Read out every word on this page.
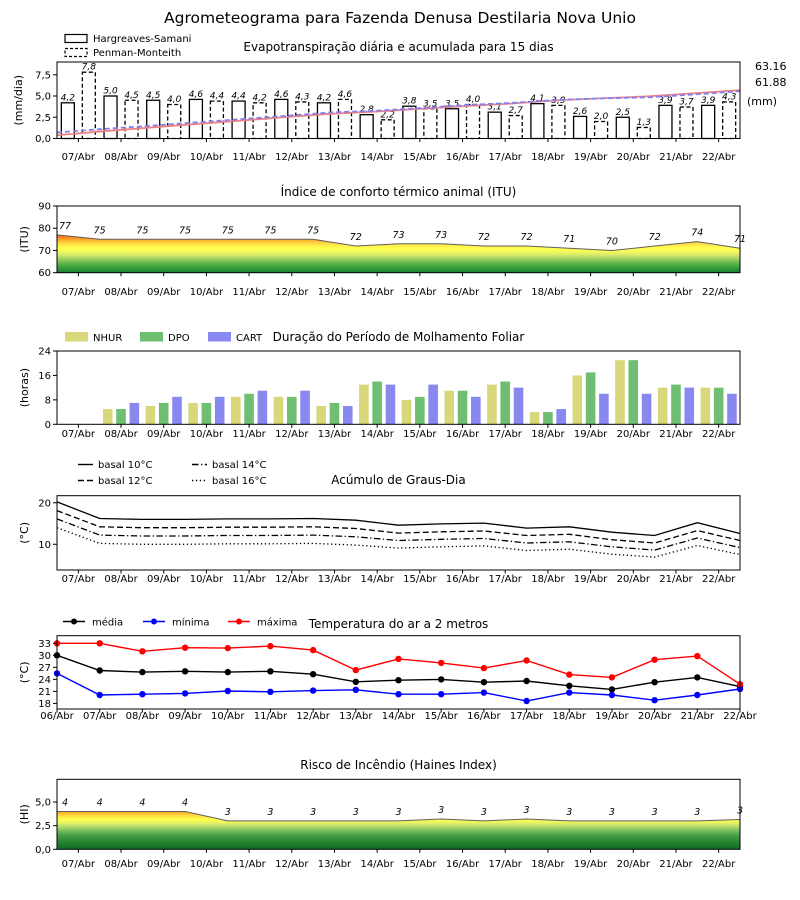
Agrometeograma para Fazenda Denusa Destilaria Nova Unio
Hargreaves-Samani
Penman-Monteith
4,2
5,0	4,5	4,6	4,4	4,6	4,2
2,8
3,8	3,5	3,1
4,1
2,6	2,5
3,9	3,9
7,8
4,5	4,0	4,4	4,2	4,3	4,6
2,2
3,5	4,0
2,7
3,9
2,0
1,3
3,7
4,3
63.16
61.88
(mm)
0,0
2,5
5,0
7,5
07/Abr 08/Abr 09/Abr 10/Abr 11/Abr 12/Abr 13/Abr 14/Abr 15/Abr 16/Abr 17/Abr 18/Abr 19/Abr 20/Abr 21/Abr 22/Abr
(mm/dia)
Evapotranspiração diária e acumulada para 15 dias
77 75	75	75	75	75	75
72	73	73	72	72	71	70	72	74
71
60
70
80
90
07/Abr 08/Abr 09/Abr 10/Abr 11/Abr 12/Abr 13/Abr 14/Abr 15/Abr 16/Abr 17/Abr 18/Abr 19/Abr 20/Abr 21/Abr 22/Abr
(ITU)
Índice de conforto térmico animal (ITU)
NHUR	DPO	CART
0
8
16
24
07/Abr 08/Abr 09/Abr 10/Abr 11/Abr 12/Abr 13/Abr 14/Abr 15/Abr 16/Abr 17/Abr 18/Abr 19/Abr 20/Abr 21/Abr 22/Abr
(horas)
Duração do Período de Molhamento Foliar
basal 10°C
basal 12°C
basal 14°C
basal 16°C
10
20
07/Abr 08/Abr 09/Abr 10/Abr 11/Abr 12/Abr 13/Abr 14/Abr 15/Abr 16/Abr 17/Abr 18/Abr 19/Abr 20/Abr 21/Abr 22/Abr
(°C)
Acúmulo de Graus-Dia
média	mínima	máxima
18
21
24
27
30
33
06/Abr 07/Abr 08/Abr 09/Abr 10/Abr 11/Abr 12/Abr 13/Abr 14/Abr 15/Abr 16/Abr 17/Abr 18/Abr 19/Abr 20/Abr 21/Abr 22/Abr
(°C)
Temperatura do ar a 2 metros
4	4	4	4
3	3	3	3	3	3	3	3	3	3	3	3	3
0,0
2,5
5,0
07/Abr 08/Abr 09/Abr 10/Abr 11/Abr 12/Abr 13/Abr 14/Abr 15/Abr 16/Abr 17/Abr 18/Abr 19/Abr 20/Abr 21/Abr 22/Abr
(HI)
Risco de Incêndio (Haines Index)
